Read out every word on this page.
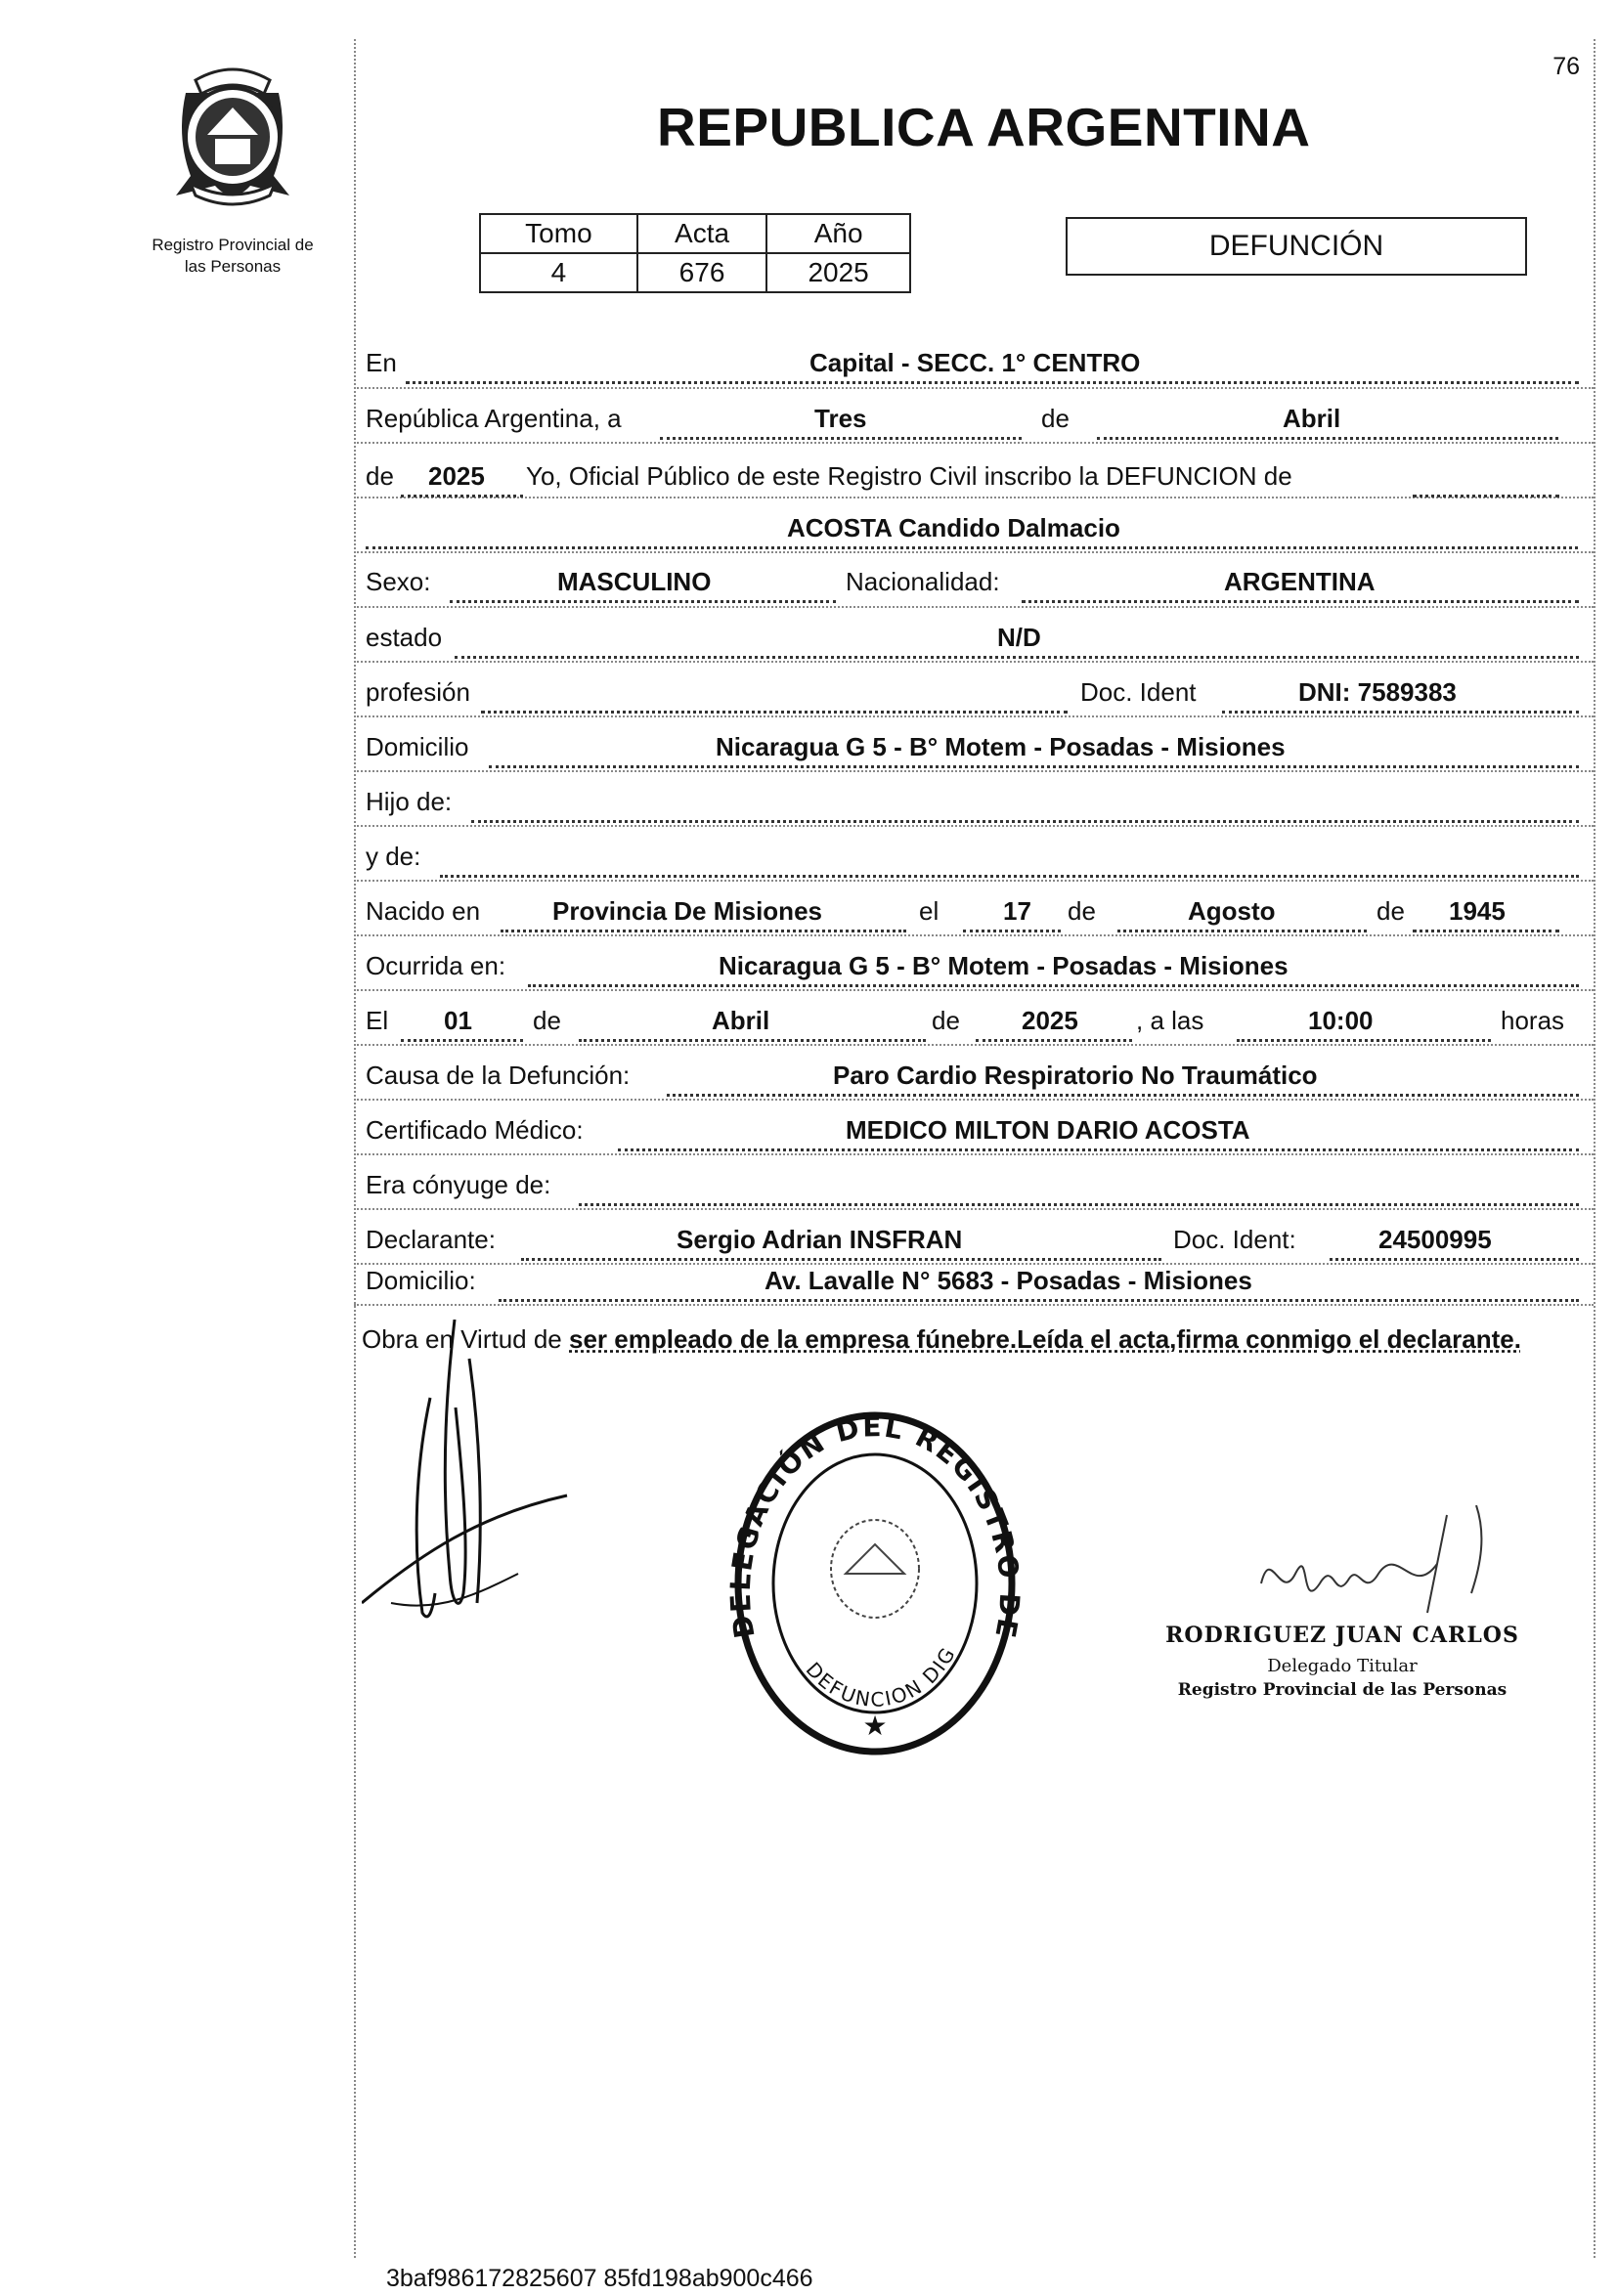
76
Registro Provincial de
las Personas
REPUBLICA ARGENTINA
Tomo	Acta	Año
4	676	2025
DEFUNCIÓN
En	Capital - SECC. 1° CENTRO
República Argentina, a	Tres	de	Abril
de 2025 Yo, Oficial Público de este Registro Civil inscribo la DEFUNCION de
ACOSTA Candido Dalmacio
Sexo:	MASCULINO	Nacionalidad:	ARGENTINA
estado	N/D
profesión	Doc. Ident	DNI: 7589383
Domicilio	Nicaragua G 5 - B° Motem - Posadas - Misiones
Hijo de:
y de:
Nacido en	Provincia De Misiones	el	17 de	Agosto	de 1945
Ocurrida en:	Nicaragua G 5 - B° Motem - Posadas - Misiones
El 01 de	Abril	de 2025 , a las	10:00	horas
Causa de la Defunción:	Paro Cardio Respiratorio No Traumático
Certificado Médico:	MEDICO MILTON DARIO ACOSTA
Era cónyuge de:
Declarante:	Sergio Adrian INSFRAN	Doc. Ident:	24500995
Domicilio:	Av. Lavalle N° 5683 - Posadas - Misiones
Obra en Virtud de ser empleado de la empresa fúnebre.Leída el acta,firma conmigo el declarante.
D EGACIÓN DEL REGISTR E
DEFUNCION DIG
★
RODRIGUEZ JUAN CARLOS
Delegado Titular
Registro Provincial de las Personas
3baf986172825607 85fd198ab900c466
